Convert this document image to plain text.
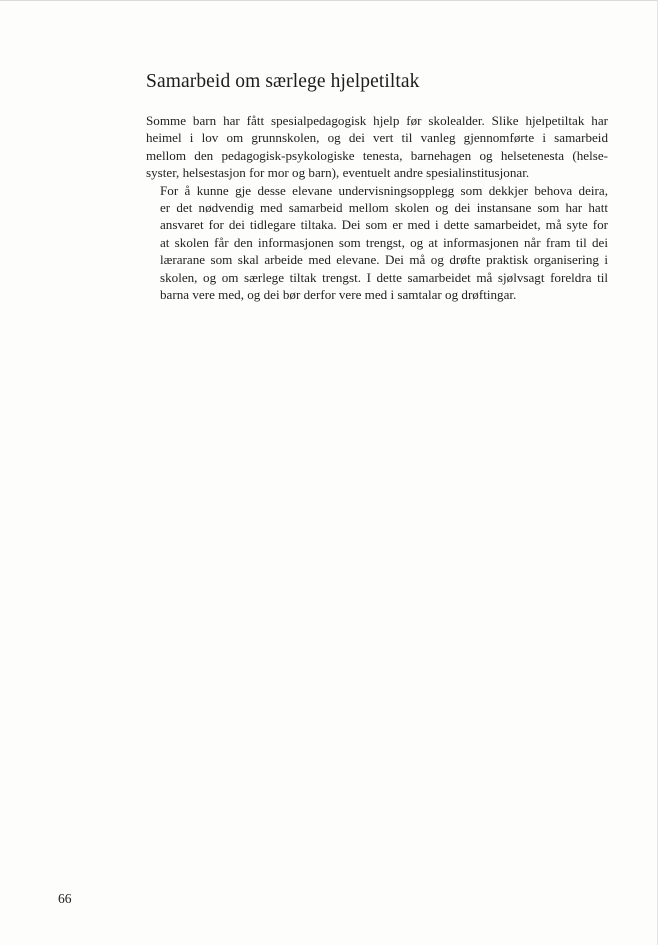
Samarbeid om særlege hjelpetiltak

Somme barn har fått spesialpedagogisk hjelp før skolealder. Slike hjelpetiltak har
heimel i lov om grunnskolen, og dei vert til vanleg gjennomførte i samarbeid
mellom den pedagogisk-psykologiske tenesta, barnehagen og helsetenesta (helse-
syster, helsestasjon for mor og barn), eventuelt andre spesialinstitusjonar.

For å kunne gje desse elevane undervisningsopplegg som dekkjer behova deira,
er det nødvendig med samarbeid mellom skolen og dei instansane som har hatt
ansvaret for dei tidlegare tiltaka. Dei som er med i dette samarbeidet, må syte for
at skolen får den informasjonen som trengst, og at informasjonen når fram til dei
lærarane som skal arbeide med elevane. Dei må og drøfte praktisk organisering i
skolen, og om særlege tiltak trengst. I dette samarbeidet må sjølvsagt foreldra til
barna vere med, og dei bør derfor vere med i samtalar og drøftingar.

66
